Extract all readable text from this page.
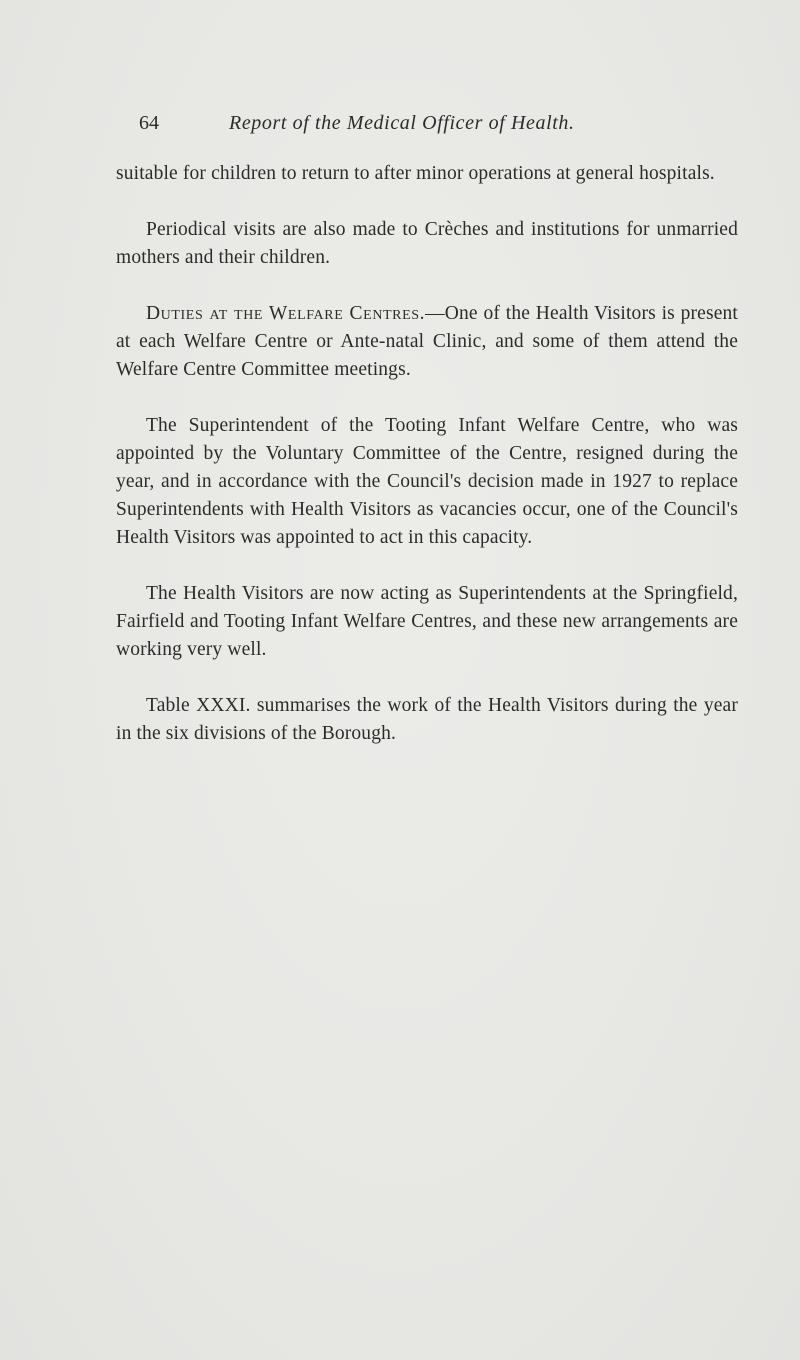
64	Report of the Medical Officer of Health.

suitable for children to return to after minor operations at general hospitals.

Periodical visits are also made to Crèches and institutions for unmarried mothers and their children.

Duties at the Welfare Centres.—One of the Health Visitors is present at each Welfare Centre or Ante-natal Clinic, and some of them attend the Welfare Centre Committee meetings.

The Superintendent of the Tooting Infant Welfare Centre, who was appointed by the Voluntary Committee of the Centre, resigned during the year, and in accordance with the Council's decision made in 1927 to replace Superintendents with Health Visitors as vacancies occur, one of the Council's Health Visitors was appointed to act in this capacity.

The Health Visitors are now acting as Superintendents at the Springfield, Fairfield and Tooting Infant Welfare Centres, and these new arrangements are working very well.

Table XXXI. summarises the work of the Health Visitors during the year in the six divisions of the Borough.
